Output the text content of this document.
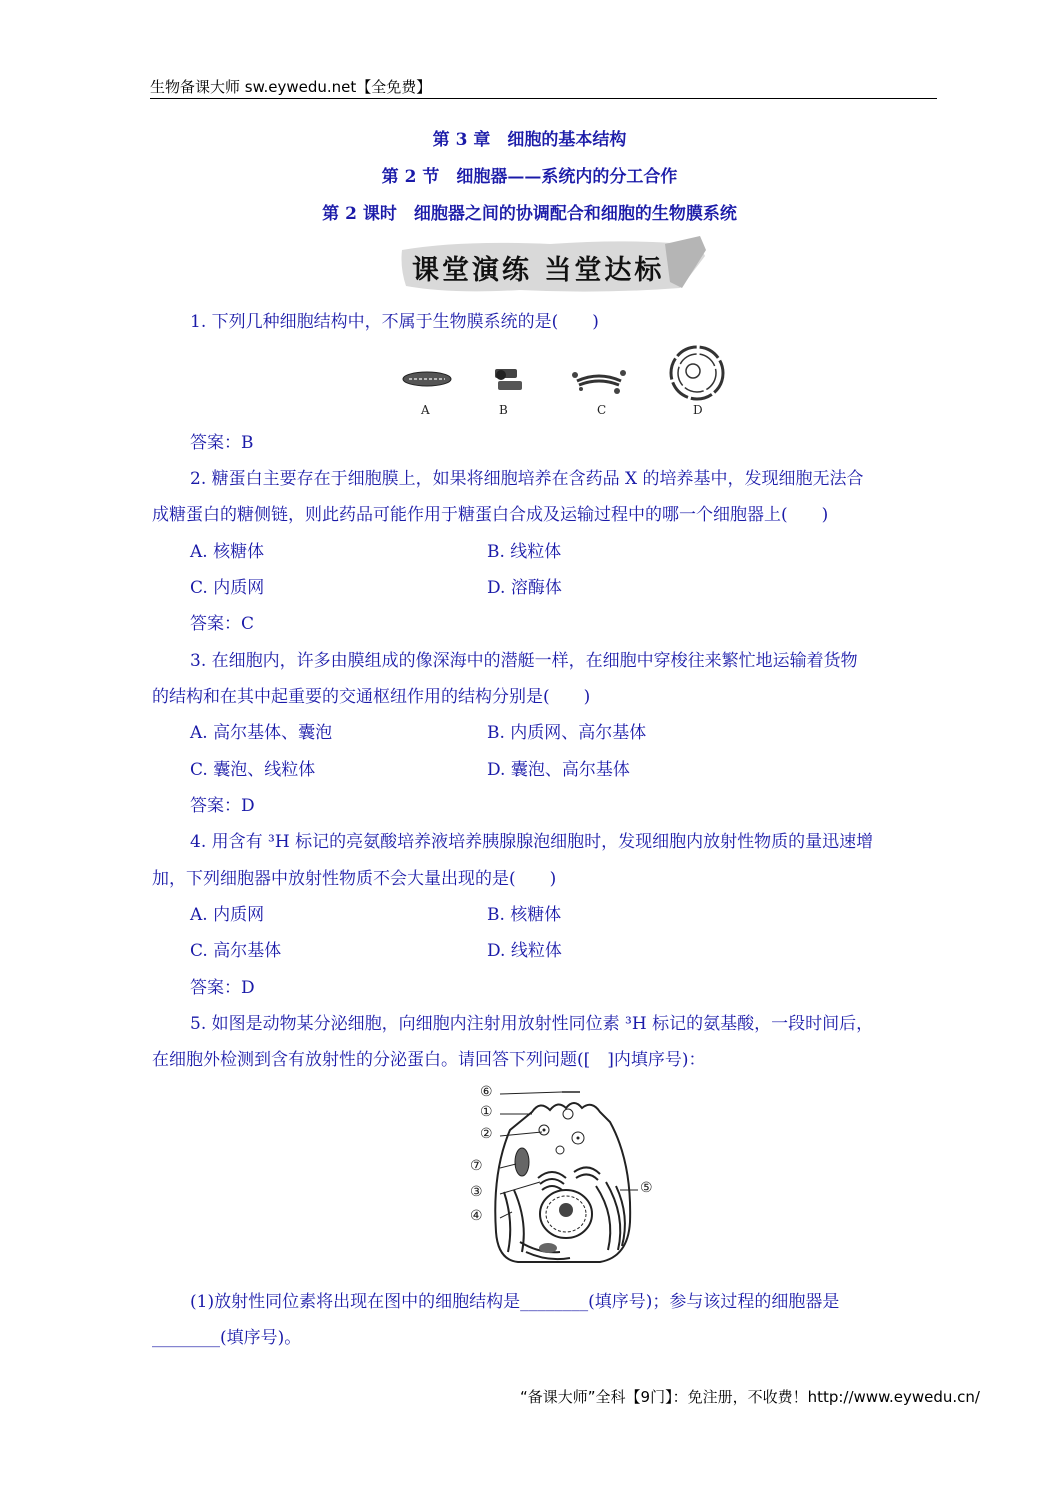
生物备课大师 sw.eywedu.net【全免费】
第 3 章　细胞的基本结构
第 2 节　细胞器——系统内的分工合作
第 2 课时　细胞器之间的协调配合和细胞的生物膜系统
课堂演练 当堂达标
1. 下列几种细胞结构中，不属于生物膜系统的是(　　)
A	B	C	D
答案：B
2. 糖蛋白主要存在于细胞膜上，如果将细胞培养在含药品 X 的培养基中，发现细胞无法合
成糖蛋白的糖侧链，则此药品可能作用于糖蛋白合成及运输过程中的哪一个细胞器上(　　)
A. 核糖体	B. 线粒体
C. 内质网	D. 溶酶体
答案：C
3. 在细胞内，许多由膜组成的像深海中的潜艇一样，在细胞中穿梭往来繁忙地运输着货物
的结构和在其中起重要的交通枢纽作用的结构分别是(　　)
A. 高尔基体、囊泡	B. 内质网、高尔基体
C. 囊泡、线粒体	D. 囊泡、高尔基体
答案：D
4. 用含有 ³H 标记的亮氨酸培养液培养胰腺腺泡细胞时，发现细胞内放射性物质的量迅速增
加，下列细胞器中放射性物质不会大量出现的是(　　)
A. 内质网	B. 核糖体
C. 高尔基体	D. 线粒体
答案：D
5. 如图是动物某分泌细胞，向细胞内注射用放射性同位素 ³H 标记的氨基酸，一段时间后，
在细胞外检测到含有放射性的分泌蛋白。请回答下列问题([　]内填序号)：
⑥
①
②
⑦
③
④
⑤
(1)放射性同位素将出现在图中的细胞结构是________(填序号)；参与该过程的细胞器是
________(填序号)。
“备课大师”全科【9门】：免注册，不收费！http://www.eywedu.cn/
